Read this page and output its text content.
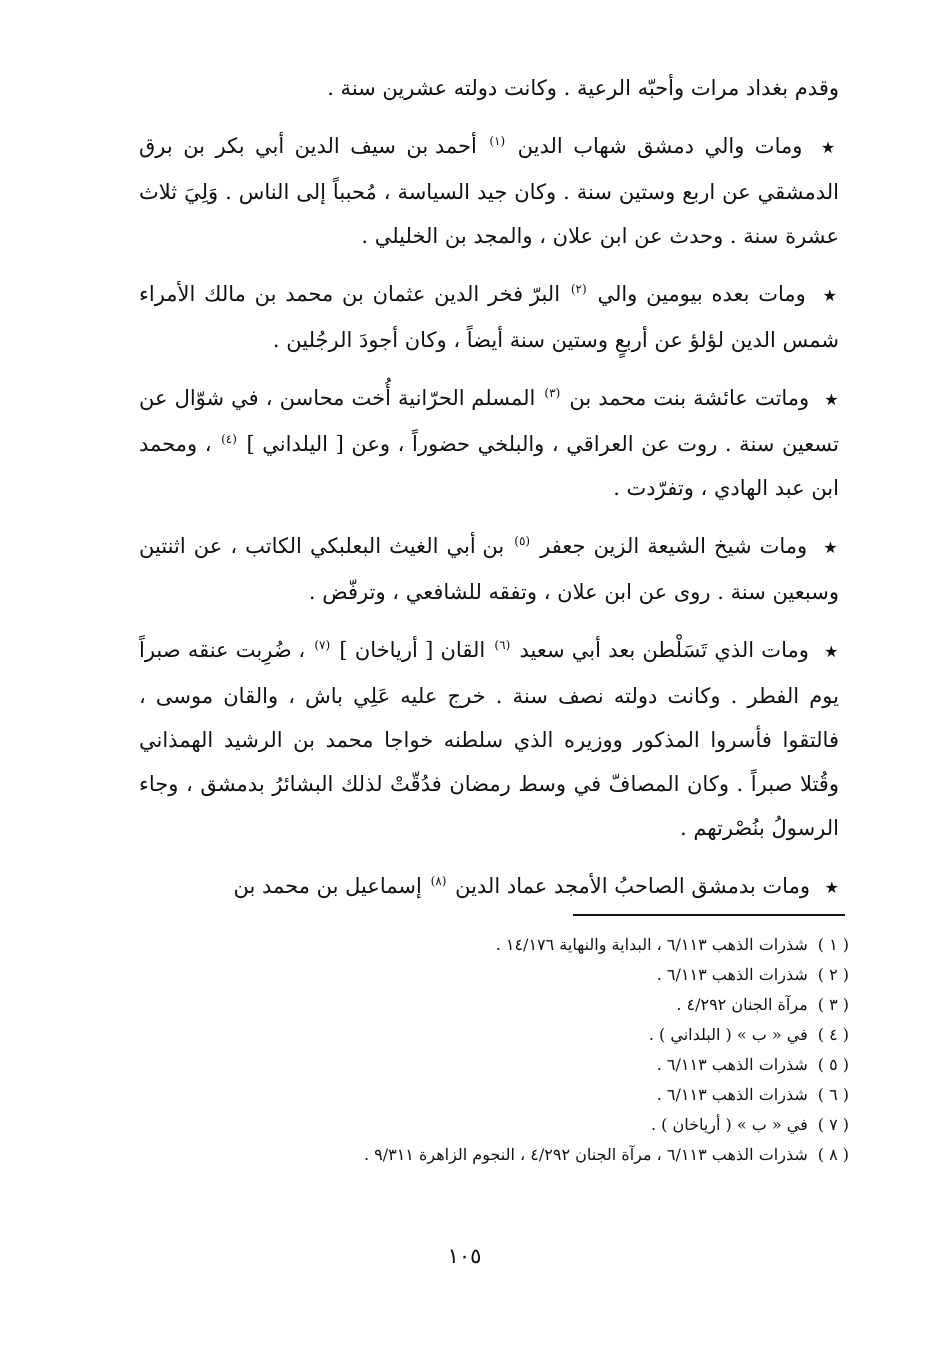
وقدم بغداد مرات وأحبّه الرعية . وكانت دولته عشرين سنة .

★ ومات والي دمشق شهاب الدين $^{(١)}$ أحمد بن سيف الدين أبي بكر بن برق الدمشقي عن اربع وستين سنة . وكان جيد السياسة ، مُحبباً إلى الناس . وَلِيَ ثلاث عشرة سنة . وحدث عن ابن علان ، والمجد بن الخليلي .

★ ومات بعده بيومين والي $^{(٢)}$ البرّ فخر الدين عثمان بن محمد بن مالك الأمراء شمس الدين لؤلؤ عن أربعٍ وستين سنة أيضاً ، وكان أجودَ الرجُلين .

★ وماتت عائشة بنت محمد بن $^{(٣)}$ المسلم الحرّانية أُخت محاسن ، في شوّال عن تسعين سنة . روت عن العراقي ، والبلخي حضوراً ، وعن [ اليلداني ] $^{(٤)}$ ، ومحمد ابن عبد الهادي ، وتفرّدت .

★ ومات شيخ الشيعة الزين جعفر $^{(٥)}$ بن أبي الغيث البعلبكي الكاتب ، عن اثنتين وسبعين سنة . روى عن ابن علان ، وتفقه للشافعي ، وترفّض .

★ ومات الذي تَسَلْطن بعد أبي سعيد $^{(٦)}$ القان [ أرياخان ] $^{(٧)}$ ، ضُرِبت عنقه صبراً يوم الفطر . وكانت دولته نصف سنة . خرج عليه عَلِي باش ، والقان موسى ، فالتقوا فأسروا المذكور ووزيره الذي سلطنه خواجا محمد بن الرشيد الهمذاني وقُتلا صبراً . وكان المصافّ في وسط رمضان فدُقّتْ لذلك البشائرُ بدمشق ، وجاء الرسولُ بنُصْرتهم .

★ ومات بدمشق الصاحبُ الأمجد عماد الدين $^{(٨)}$ إسماعيل بن محمد بن

( ١ )شذرات الذهب ٦/١١٣ ، البداية والنهاية ١٤/١٧٦ .
( ٢ )شذرات الذهب ٦/١١٣ .
( ٣ )مرآة الجنان ٤/٢٩٢ .
( ٤ )في « ب » ( البلداني ) .
( ٥ )شذرات الذهب ٦/١١٣ .
( ٦ )شذرات الذهب ٦/١١٣ .
( ٧ )في « ب » ( أرياخان ) .
( ٨ )شذرات الذهب ٦/١١٣ ، مرآة الجنان ٤/٢٩٢ ، النجوم الزاهرة ٩/٣١١ .
١٠٥
